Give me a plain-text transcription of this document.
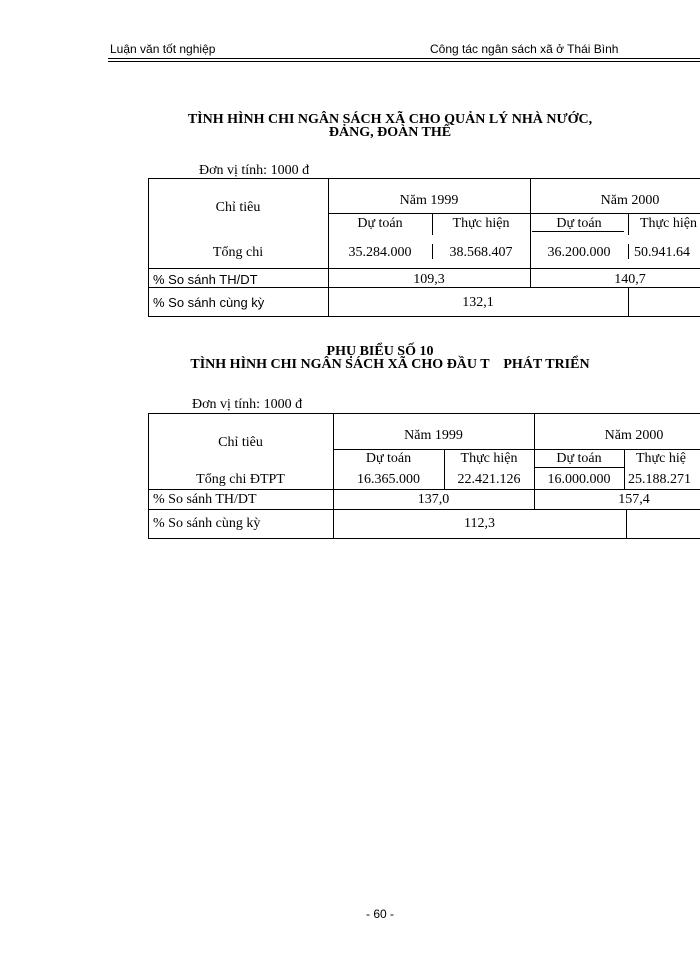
Luận văn tốt nghiệp	Công tác ngân sách xã ở Thái Bình
TÌNH HÌNH CHI NGÂN SÁCH XÃ CHO QUẢN LÝ NHÀ NƯỚC,
ĐẢNG, ĐOÀN THỂ
Đơn vị tính: 1000 đ
Chỉ tiêu	Năm 1999	Năm 2000
Dự toán	Thực hiện	Dự toán	Thực hiện
Tổng chi	35.284.000	38.568.407	36.200.000	50.941.64
% So sánh TH/DT	109,3	140,7
% So sánh cùng kỳ	132,1
PHỤ BIỂU SỐ 10
TÌNH HÌNH CHI NGÂN SÁCH XÃ CHO ĐẦU T    PHÁT TRIỂN
Đơn vị tính: 1000 đ
Chỉ tiêu	Năm 1999	Năm 2000
Dự toán	Thực hiện	Dự toán	Thực hiệ
Tổng chi ĐTPT	16.365.000	22.421.126	16.000.000	25.188.271
% So sánh TH/DT	137,0	157,4
% So sánh cùng kỳ	112,3
- 60 -
